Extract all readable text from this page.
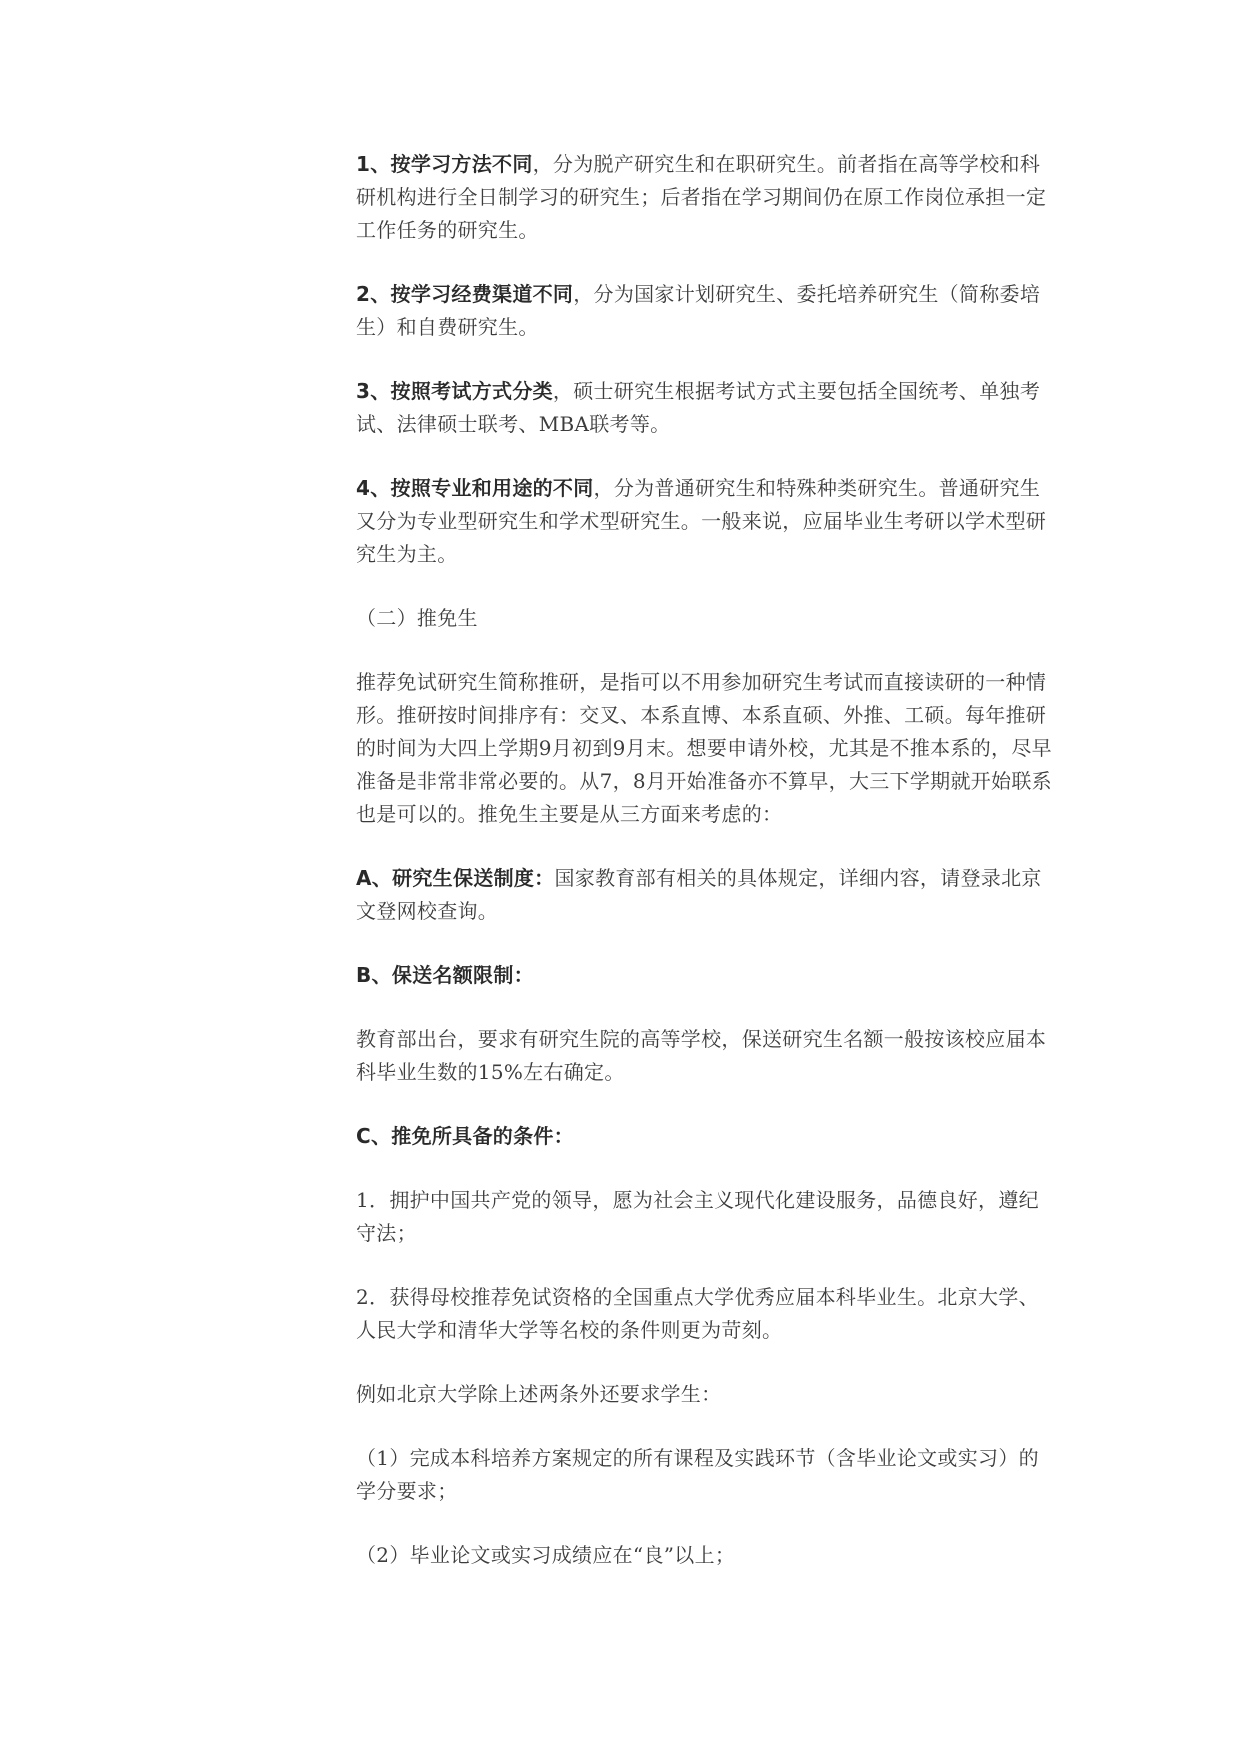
1、按学习方法不同，分为脱产研究生和在职研究生。前者指在高等学校和科研机构进行全日制学习的研究生；后者指在学习期间仍在原工作岗位承担一定工作任务的研究生。

2、按学习经费渠道不同，分为国家计划研究生、委托培养研究生（简称委培生）和自费研究生。

3、按照考试方式分类，硕士研究生根据考试方式主要包括全国统考、单独考试、法律硕士联考、MBA联考等。

4、按照专业和用途的不同，分为普通研究生和特殊种类研究生。普通研究生又分为专业型研究生和学术型研究生。一般来说，应届毕业生考研以学术型研究生为主。

（二）推免生

推荐免试研究生简称推研，是指可以不用参加研究生考试而直接读研的一种情形。推研按时间排序有：交叉、本系直博、本系直硕、外推、工硕。每年推研的时间为大四上学期9月初到9月末。想要申请外校，尤其是不推本系的，尽早准备是非常非常必要的。从7，8月开始准备亦不算早，大三下学期就开始联系也是可以的。推免生主要是从三方面来考虑的：

A、研究生保送制度：国家教育部有相关的具体规定，详细内容，请登录北京文登网校查询。

B、保送名额限制：

教育部出台，要求有研究生院的高等学校，保送研究生名额一般按该校应届本科毕业生数的15%左右确定。

C、推免所具备的条件：

1．拥护中国共产党的领导，愿为社会主义现代化建设服务，品德良好，遵纪守法；

2．获得母校推荐免试资格的全国重点大学优秀应届本科毕业生。北京大学、人民大学和清华大学等名校的条件则更为苛刻。

例如北京大学除上述两条外还要求学生：

（1）完成本科培养方案规定的所有课程及实践环节（含毕业论文或实习）的学分要求；

（2）毕业论文或实习成绩应在“良”以上；
